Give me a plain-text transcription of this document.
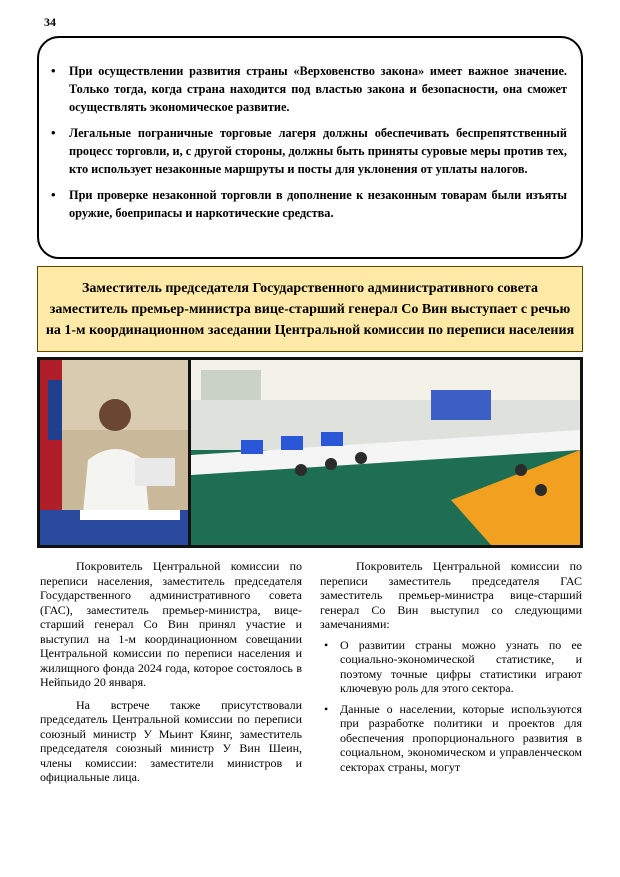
34
• При осуществлении развития страны «Верховенство закона» имеет важное значение. Только тогда, когда страна находится под властью закона и безопасности, она сможет осуществлять экономическое развитие.
• Легальные пограничные торговые лагеря должны обеспечивать беспрепятственный процесс торговли, и, с другой стороны, должны быть приняты суровые меры против тех, кто использует незаконные маршруты и посты для уклонения от уплаты налогов.
• При проверке незаконной торговли в дополнение к незаконным товарам были изъяты оружие, боеприпасы и наркотические средства.
Заместитель председателя Государственного административного совета заместитель премьер-министра вице-старший генерал Со Вин выступает с речью на 1-м координационном заседании Центральной комиссии по переписи населения

Покровитель Центральной комиссии по переписи населения, заместитель председателя Государственного административного совета (ГАС), заместитель премьер-министра, вице-старший генерал Со Вин принял участие и выступил на 1-м координационном совещании Центральной комиссии по переписи населения и жилищного фонда 2024 года, которое состоялось в Нейпьидо 20 января.

На встрече также присутствовали председатель Центральной комиссии по переписи союзный министр У Мьинт Кяинг, заместитель председателя союзный министр У Вин Шеин, члены комиссии: заместители министров и официальные лица.

Покровитель Центральной комиссии по переписи заместитель председателя ГАС заместитель премьер-министра вице-старший генерал Со Вин выступил со следующими замечаниями:

• О развитии страны можно узнать по ее социально-экономической статистике, и поэтому точные цифры статистики играют ключевую роль для этого сектора.
• Данные о населении, которые используются при разработке политики и проектов для обеспечения пропорционального развития в социальном, экономическом и управленческом секторах страны, могут
